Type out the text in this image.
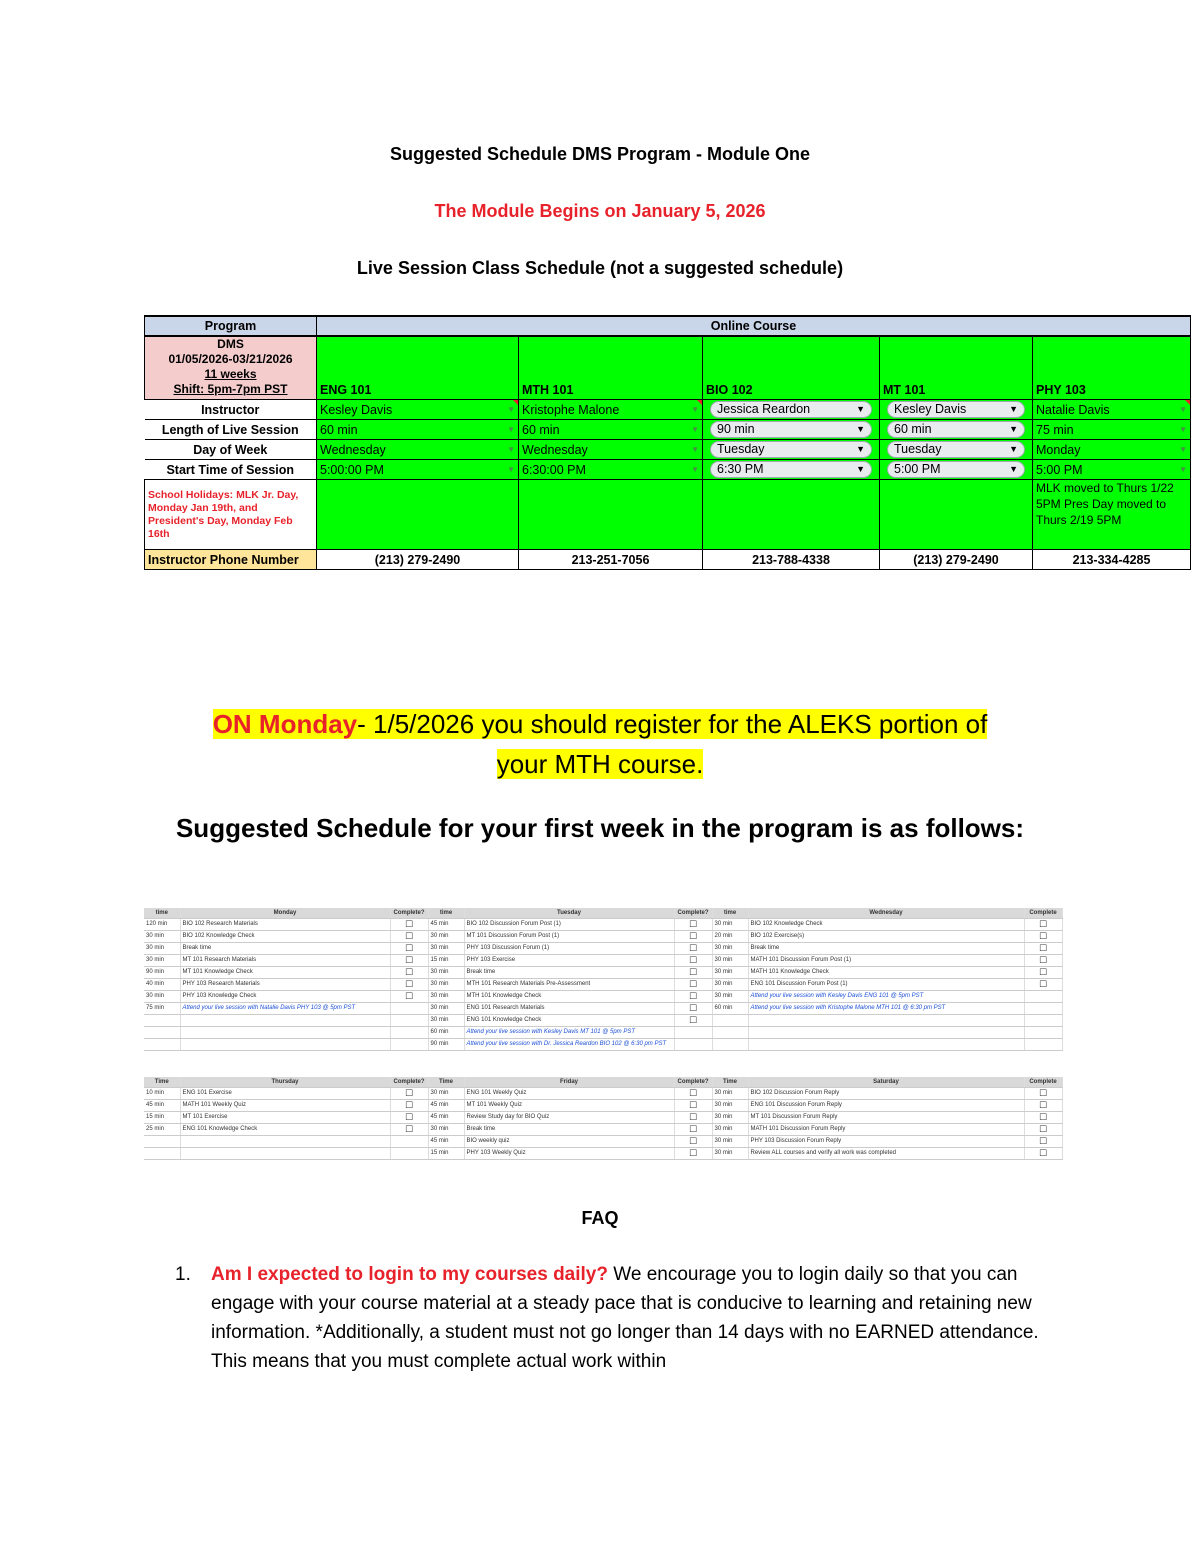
Suggested Schedule DMS Program - Module One
The Module Begins on January 5, 2026
Live Session Class Schedule (not a suggested schedule)
Program	Online Course				

DMS
01/05/2026-03/21/2026
11 weeks
Shift: 5pm-7pm PST	ENG 101	MTH 101	BIO 102	MT 101	PHY 103
Instructor	Kesley Davis ▼	Kristophe Malone ▼	Jessica Reardon ▼	Kesley Davis ▼	Natalie Davis ▼

Length of Live Session	60 min ▼	60 min ▼	90 min ▼	60 min ▼	75 min ▼

Day of Week	Wednesday ▼	Wednesday ▼	Tuesday ▼	Tuesday ▼	Monday ▼

Start Time of Session	5:00:00 PM ▼	6:30:00 PM ▼	6:30 PM ▼	5:00 PM ▼	5:00 PM ▼

School Holidays: MLK Jr. Day, Monday Jan 19th, and President's Day, Monday Feb 16th					MLK moved to Thurs 1/22 5PM Pres Day moved to Thurs 2/19 5PM
Instructor Phone Number	(213) 279-2490	213-251-7056	213-788-4338	(213) 279-2490	213-334-4285
ON Monday- 1/5/2026 you should register for the ALEKS portion of
your MTH course.
Suggested Schedule for your first week in the program is as follows:
time	Monday	Complete?	time	Tuesday	Complete?	time	Wednesday	Complete
120 min	BIO 102 Research Materials	☐	45 min	BIO 102 Discussion Forum Post (1)	☐	30 min	BIO 102 Knowledge Check	☐
30 min	BIO 102 Knowledge Check	☐	30 min	MT 101 Discussion Forum Post (1)	☐	20 min	BIO 102 Exercise(s)	☐
30 min	Break time	☐	30 min	PHY 103 Discussion Forum (1)	☐	30 min	Break time	☐
30 min	MT 101 Research Materials	☐	15 min	PHY 103 Exercise	☐	30 min	MATH 101 Discussion Forum Post (1)	☐
90 min	MT 101 Knowledge Check	☐	30 min	Break time	☐	30 min	MATH 101 Knowledge Check	☐
40 min	PHY 103 Research Materials	☐	30 min	MTH 101 Research Materials Pre-Assessment	☐	30 min	ENG 101 Discussion Forum Post (1)	☐
30 min	PHY 103 Knowledge Check	☐	30 min	MTH 101 Knowledge Check	☐	30 min	Attend your live session with Kesley Davis ENG 101 @ 5pm PST	
75 min	Attend your live session with Natalie Davis PHY 103 @ 5pm PST		30 min	ENG 101 Research Materials	☐	60 min	Attend your live session with Kristophe Malone MTH 101 @ 6:30 pm PST	
			30 min	ENG 101 Knowledge Check	☐			
			60 min	Attend your live session with Kesley Davis MT 101 @ 5pm PST				
			90 min	Attend your live session with Dr. Jessica Reardon BIO 102 @ 6:30 pm PST				
Time	Thursday	Complete?	Time	Friday	Complete?	Time	Saturday	Complete
10 min	ENG 101 Exercise	☐	30 min	ENG 101 Weekly Quiz	☐	30 min	BIO 102 Discussion Forum Reply	☐
45 min	MATH 101 Weekly Quiz	☐	45 min	MT 101 Weekly Quiz	☐	30 min	ENG 101 Discussion Forum Reply	☐
15 min	MT 101 Exercise	☐	45 min	Review Study day for BIO Quiz	☐	30 min	MT 101 Discussion Forum Reply	☐
25 min	ENG 101 Knowledge Check	☐	30 min	Break time	☐	30 min	MATH 101 Discussion Forum Reply	☐
			45 min	BIO weekly quiz	☐	30 min	PHY 103 Discussion Forum Reply	☐
			15 min	PHY 103 Weekly Quiz	☐	30 min	Review ALL courses and verify all work was completed	☐
FAQ
1. Am I expected to login to my courses daily? We encourage you to login daily so that you can engage with your course material at a steady pace that is conducive to learning and retaining new information. *Additionally, a student must not go longer than 14 days with no EARNED attendance. This means that you must complete actual work within
